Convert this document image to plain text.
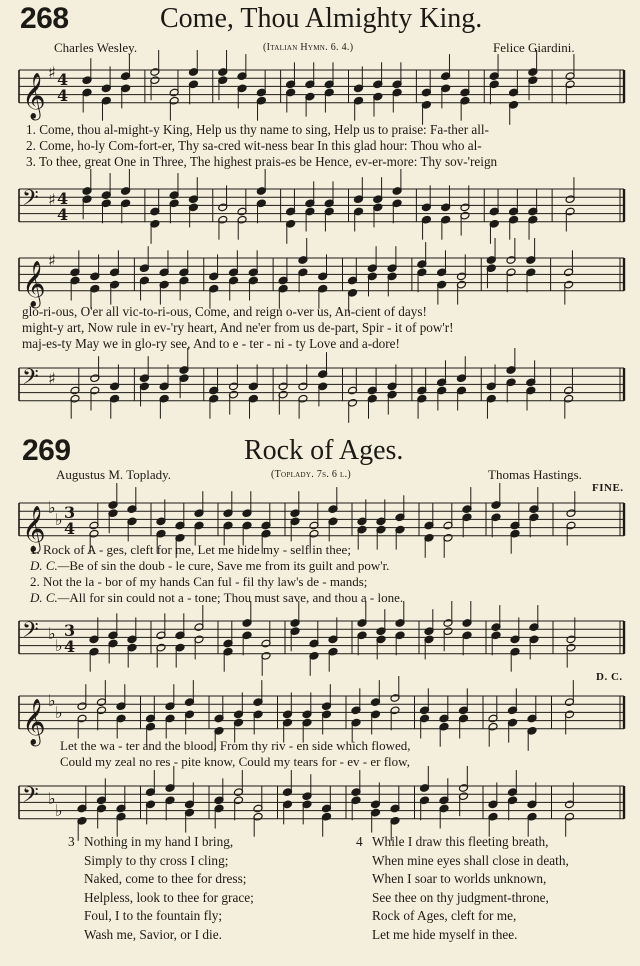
268	Come, Thou Almighty King.
Charles Wesley.	(Italian Hymn. 6. 4.)	Felice Giardini.
𝄞
♯ 4
4
1. Come, thou al-might-y King, Help us thy name to sing, Help us to praise: Fa-ther all-
2. Come, ho-ly Com-fort-er, Thy sa-cred wit-ness bear In this glad hour: Thou who al-
3. To thee, great One in Three, The highest prais-es be Hence, ev-er-more: Thy sov-'reign
𝄢 ♯ 4
4
𝄞
♯
glo-ri-ous, O'er all vic-to-ri-ous, Come, and reign o-ver us, An-cient of days!
might-y art, Now rule in ev-'ry heart, And ne'er from us de-part, Spir - it of pow'r!
maj-es-ty May we in glo-ry see, And to e - ter - ni - ty Love and a-dore!
𝄢 ♯
269	Rock of Ages.
Augustus M. Toplady.	(Toplady. 7s. 6 l.)	Thomas Hastings.
FINE.
𝄞 ♭
♭ 3
4
1. Rock of A - ges, cleft for me, Let me hide my - self in thee;
D. C.—Be of sin the doub - le cure, Save me from its guilt and pow'r.
2. Not the la - bor of my hands Can ful - fil thy law's de - mands;
D. C.—All for sin could not a - tone; Thou must save, and thou a - lone.
𝄢 ♭
♭
3
4
D. C.
𝄞 ♭
♭
Let the wa - ter and the blood, From thy riv - en side which flowed,
Could my zeal no res - pite know, Could my tears for - ev - er flow,
𝄢 ♭
♭
3 Nothing in my hand I bring,
Simply to thy cross I cling;
Naked, come to thee for dress;
Helpless, look to thee for grace;
Foul, I to the fountain fly;
Wash me, Savior, or I die.
4 While I draw this fleeting breath,
When mine eyes shall close in death,
When I soar to worlds unknown,
See thee on thy judgment-throne,
Rock of Ages, cleft for me,
Let me hide myself in thee.
